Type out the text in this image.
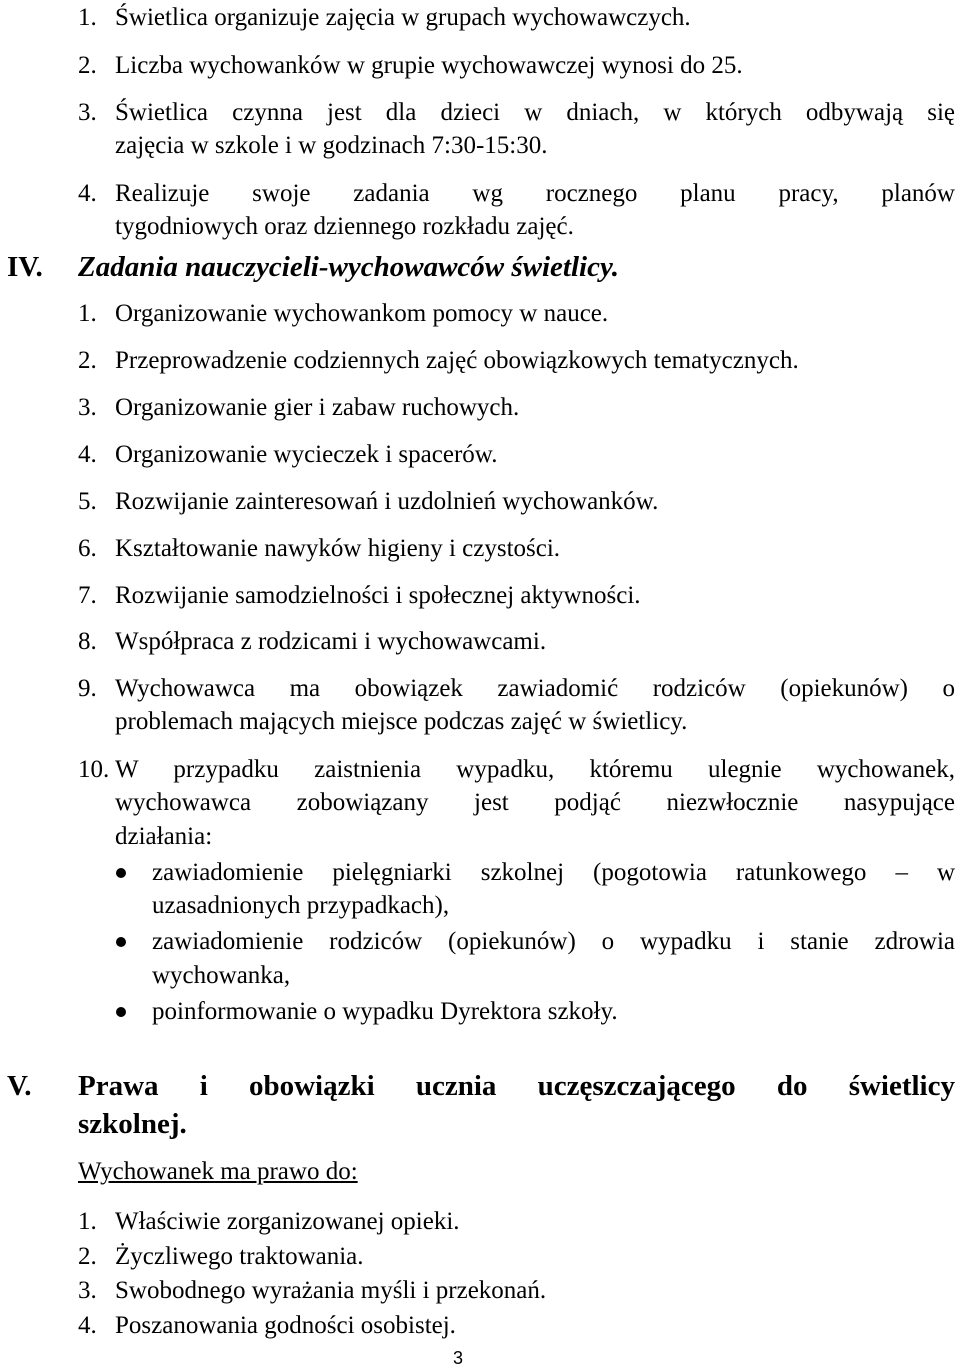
1. Świetlica organizuje zajęcia w grupach wychowawczych.
2. Liczba wychowanków w grupie wychowawczej wynosi do 25.
3. Świetlica czynna jest dla dzieci w dniach, w których odbywają się
zajęcia w szkole i w godzinach 7:30-15:30.
4. Realizuje swoje zadania wg rocznego planu pracy, planów
tygodniowych oraz dziennego rozkładu zajęć.
IV. Zadania nauczycieli-wychowawców świetlicy.
1. Organizowanie wychowankom pomocy w nauce.
2. Przeprowadzenie codziennych zajęć obowiązkowych tematycznych.
3. Organizowanie gier i zabaw ruchowych.
4. Organizowanie wycieczek i spacerów.
5. Rozwijanie zainteresowań i uzdolnień wychowanków.
6. Kształtowanie nawyków higieny i czystości.
7. Rozwijanie samodzielności i społecznej aktywności.
8. Współpraca z rodzicami i wychowawcami.
9. Wychowawca ma obowiązek zawiadomić rodziców (opiekunów) o
problemach mających miejsce podczas zajęć w świetlicy.
10. W przypadku zaistnienia wypadku, któremu ulegnie wychowanek,
wychowawca zobowiązany jest podjąć niezwłocznie nasypujące
działania:
zawiadomienie pielęgniarki szkolnej (pogotowia ratunkowego – w
uzasadnionych przypadkach),
zawiadomienie rodziców (opiekunów) o wypadku i stanie zdrowia
wychowanka,
poinformowanie o wypadku Dyrektora szkoły.
V. Prawa i obowiązki ucznia uczęszczającego do świetlicy
szkolnej.
Wychowanek ma prawo do:
1. Właściwie zorganizowanej opieki.
2. Życzliwego traktowania.
3. Swobodnego wyrażania myśli i przekonań.
4. Poszanowania godności osobistej.
3
